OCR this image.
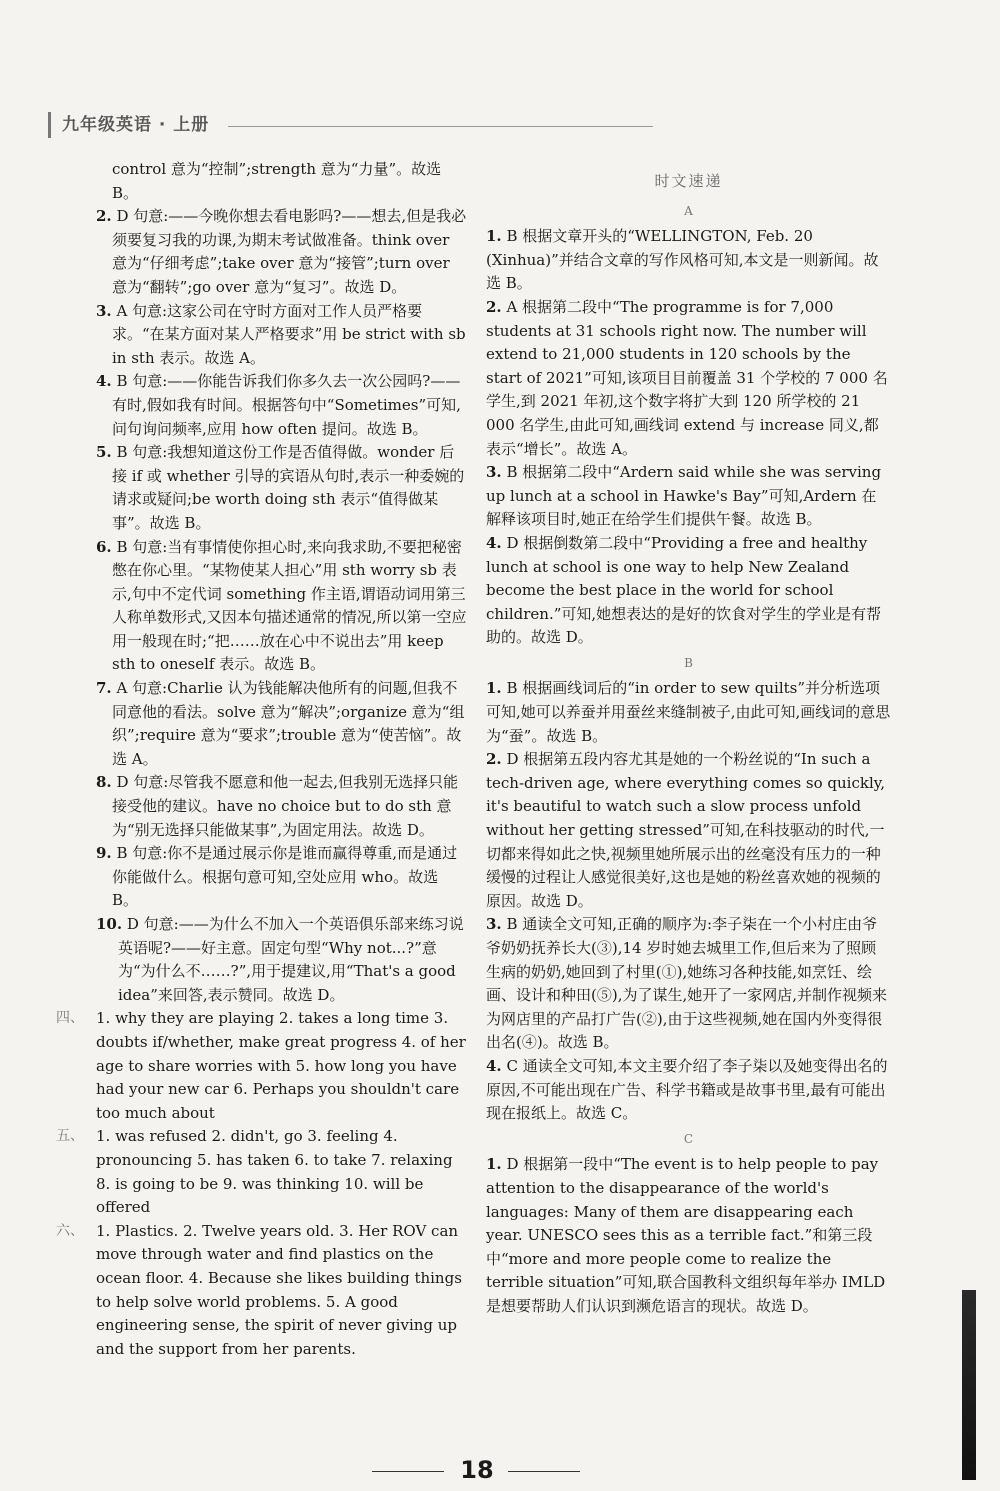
九年级英语 · 上册

control 意为“控制”;strength 意为“力量”。故选 B。

2. D 句意:——今晚你想去看电影吗?——想去,但是我必须要复习我的功课,为期末考试做准备。think over 意为“仔细考虑”;take over 意为“接管”;turn over 意为“翻转”;go over 意为“复习”。故选 D。
3. A 句意:这家公司在守时方面对工作人员严格要求。“在某方面对某人严格要求”用 be strict with sb in sth 表示。故选 A。
4. B 句意:——你能告诉我们你多久去一次公园吗?——有时,假如我有时间。根据答句中“Sometimes”可知,问句询问频率,应用 how often 提问。故选 B。
5. B 句意:我想知道这份工作是否值得做。wonder 后接 if 或 whether 引导的宾语从句时,表示一种委婉的请求或疑问;be worth doing sth 表示“值得做某事”。故选 B。
6. B 句意:当有事情使你担心时,来向我求助,不要把秘密憋在你心里。“某物使某人担心”用 sth worry sb 表示,句中不定代词 something 作主语,谓语动词用第三人称单数形式,又因本句描述通常的情况,所以第一空应用一般现在时;“把……放在心中不说出去”用 keep sth to oneself 表示。故选 B。
7. A 句意:Charlie 认为钱能解决他所有的问题,但我不同意他的看法。solve 意为“解决”;organize 意为“组织”;require 意为“要求”;trouble 意为“使苦恼”。故选 A。
8. D 句意:尽管我不愿意和他一起去,但我别无选择只能接受他的建议。have no choice but to do sth 意为“别无选择只能做某事”,为固定用法。故选 D。
9. B 句意:你不是通过展示你是谁而赢得尊重,而是通过你能做什么。根据句意可知,空处应用 who。故选 B。
10. D 句意:——为什么不加入一个英语俱乐部来练习说英语呢?——好主意。固定句型“Why not...?”意为“为什么不……?”,用于提建议,用“That's a good idea”来回答,表示赞同。故选 D。
四、 1. why they are playing 2. takes a long time 3. doubts if/whether, make great progress 4. of her age to share worries with 5. how long you have had your new car 6. Perhaps you shouldn't care too much about
五、 1. was refused 2. didn't, go 3. feeling 4. pronouncing 5. has taken 6. to take 7. relaxing 8. is going to be 9. was thinking 10. will be offered
六、 1. Plastics. 2. Twelve years old. 3. Her ROV can move through water and find plastics on the ocean floor. 4. Because she likes building things to help solve world problems. 5. A good engineering sense, the spirit of never giving up and the support from her parents.
时文速递
A
1. B 根据文章开头的“WELLINGTON, Feb. 20 (Xinhua)”并结合文章的写作风格可知,本文是一则新闻。故选 B。
2. A 根据第二段中“The programme is for 7,000 students at 31 schools right now. The number will extend to 21,000 students in 120 schools by the start of 2021”可知,该项目目前覆盖 31 个学校的 7 000 名学生,到 2021 年初,这个数字将扩大到 120 所学校的 21 000 名学生,由此可知,画线词 extend 与 increase 同义,都表示“增长”。故选 A。
3. B 根据第二段中“Ardern said while she was serving up lunch at a school in Hawke's Bay”可知,Ardern 在解释该项目时,她正在给学生们提供午餐。故选 B。
4. D 根据倒数第二段中“Providing a free and healthy lunch at school is one way to help New Zealand become the best place in the world for school children.”可知,她想表达的是好的饮食对学生的学业是有帮助的。故选 D。
B
1. B 根据画线词后的“in order to sew quilts”并分析选项可知,她可以养蚕并用蚕丝来缝制被子,由此可知,画线词的意思为“蚕”。故选 B。
2. D 根据第五段内容尤其是她的一个粉丝说的“In such a tech-driven age, where everything comes so quickly, it's beautiful to watch such a slow process unfold without her getting stressed”可知,在科技驱动的时代,一切都来得如此之快,视频里她所展示出的丝毫没有压力的一种缓慢的过程让人感觉很美好,这也是她的粉丝喜欢她的视频的原因。故选 D。
3. B 通读全文可知,正确的顺序为:李子柒在一个小村庄由爷爷奶奶抚养长大(③),14 岁时她去城里工作,但后来为了照顾生病的奶奶,她回到了村里(①),她练习各种技能,如烹饪、绘画、设计和种田(⑤),为了谋生,她开了一家网店,并制作视频来为网店里的产品打广告(②),由于这些视频,她在国内外变得很出名(④)。故选 B。
4. C 通读全文可知,本文主要介绍了李子柒以及她变得出名的原因,不可能出现在广告、科学书籍或是故事书里,最有可能出现在报纸上。故选 C。
C
1. D 根据第一段中“The event is to help people to pay attention to the disappearance of the world's languages: Many of them are disappearing each year. UNESCO sees this as a terrible fact.”和第三段中“more and more people come to realize the terrible situation”可知,联合国教科文组织每年举办 IMLD 是想要帮助人们认识到濒危语言的现状。故选 D。
18
